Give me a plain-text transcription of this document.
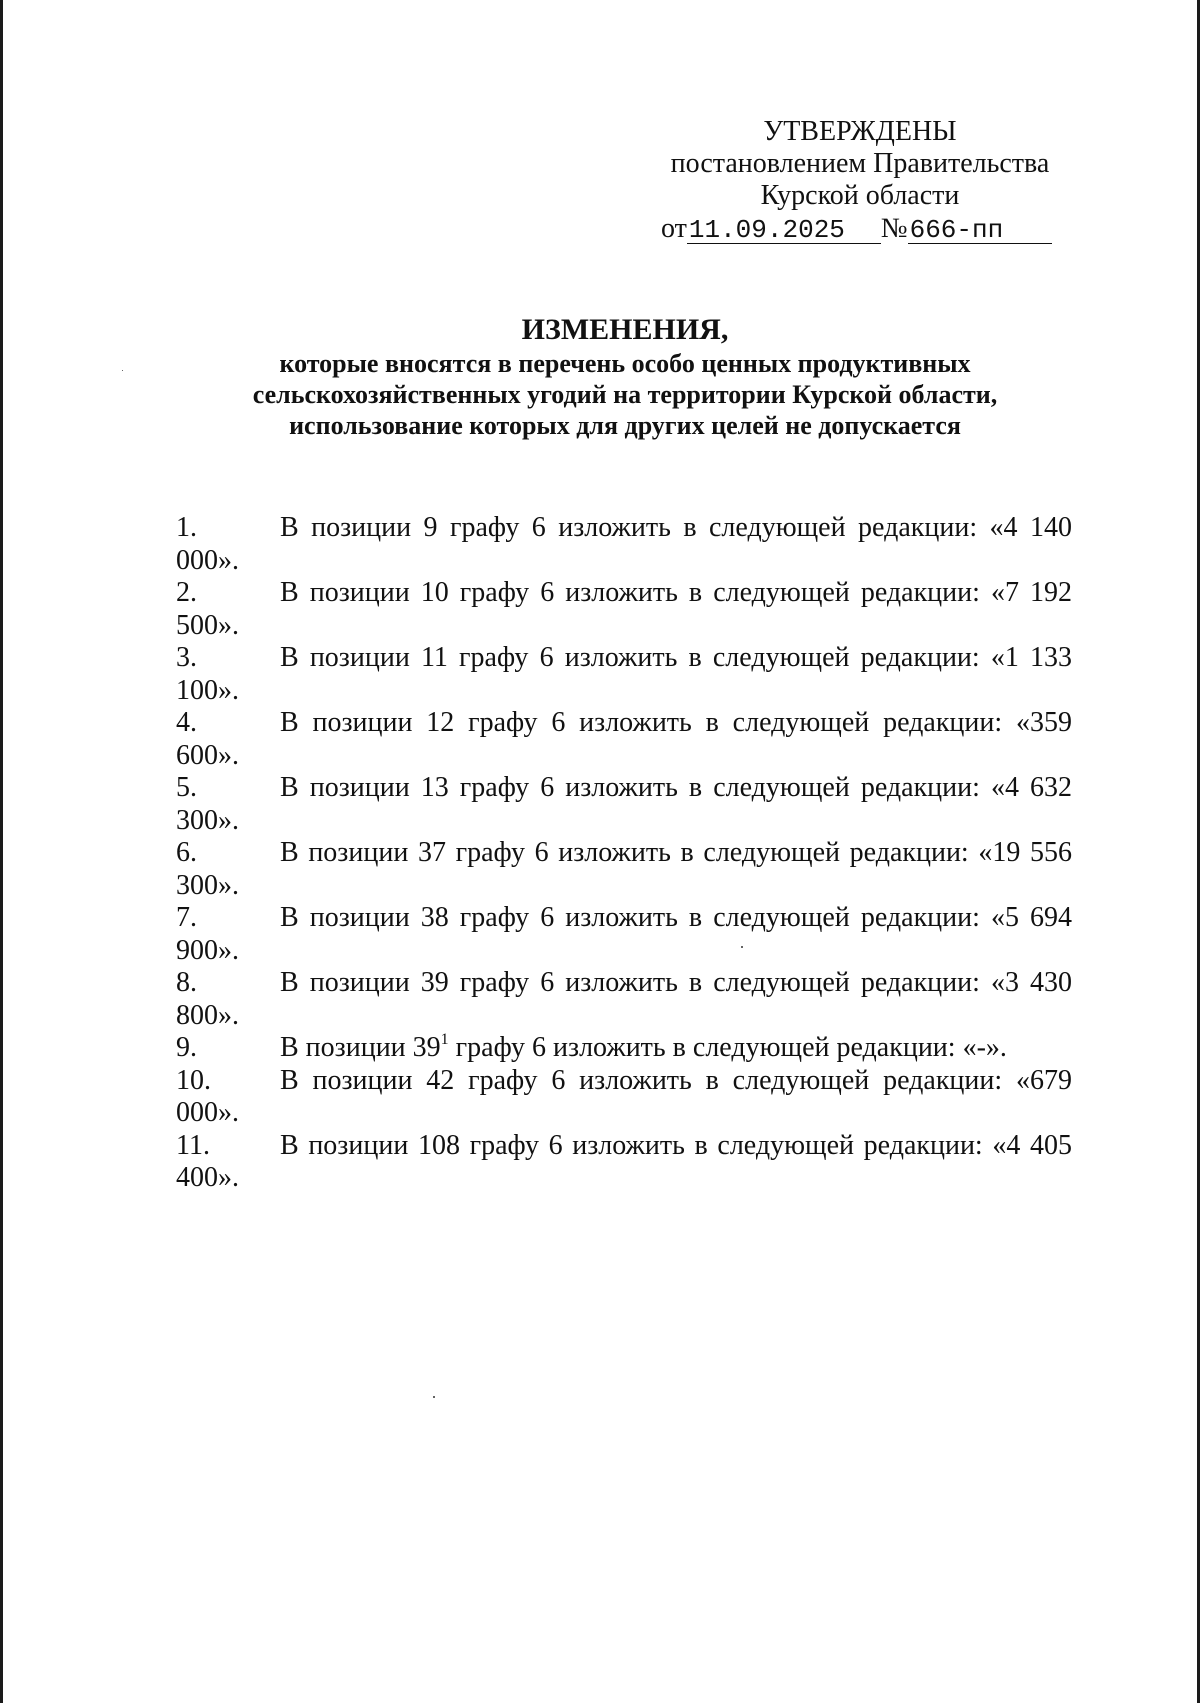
УТВЕРЖДЕНЫ
постановлением Правительства
Курской области
от11.09.2025 №666-пп
ИЗМЕНЕНИЯ,
которые вносятся в перечень особо ценных продуктивных
сельскохозяйственных угодий на территории Курской области,
использование которых для других целей не допускается

1.	В позиции 9 графу 6 изложить в следующей редакции: «4 140 000».

2.	В позиции 10 графу 6 изложить в следующей редакции: «7 192 500».

3.	В позиции 11 графу 6 изложить в следующей редакции: «1 133 100».

4.	В позиции 12 графу 6 изложить в следующей редакции: «359 600».

5.	В позиции 13 графу 6 изложить в следующей редакции: «4 632 300».

6.	В позиции 37 графу 6 изложить в следующей редакции: «19 556 300».

7.	В позиции 38 графу 6 изложить в следующей редакции: «5 694 900».

8.	В позиции 39 графу 6 изложить в следующей редакции: «3 430 800».

9.	В позиции $39^1$ графу 6 изложить в следующей редакции: «-».

10. В позиции 42 графу 6 изложить в следующей редакции: «679 000».

11.	В позиции 108 графу 6 изложить в следующей редакции: «4 405 400».
